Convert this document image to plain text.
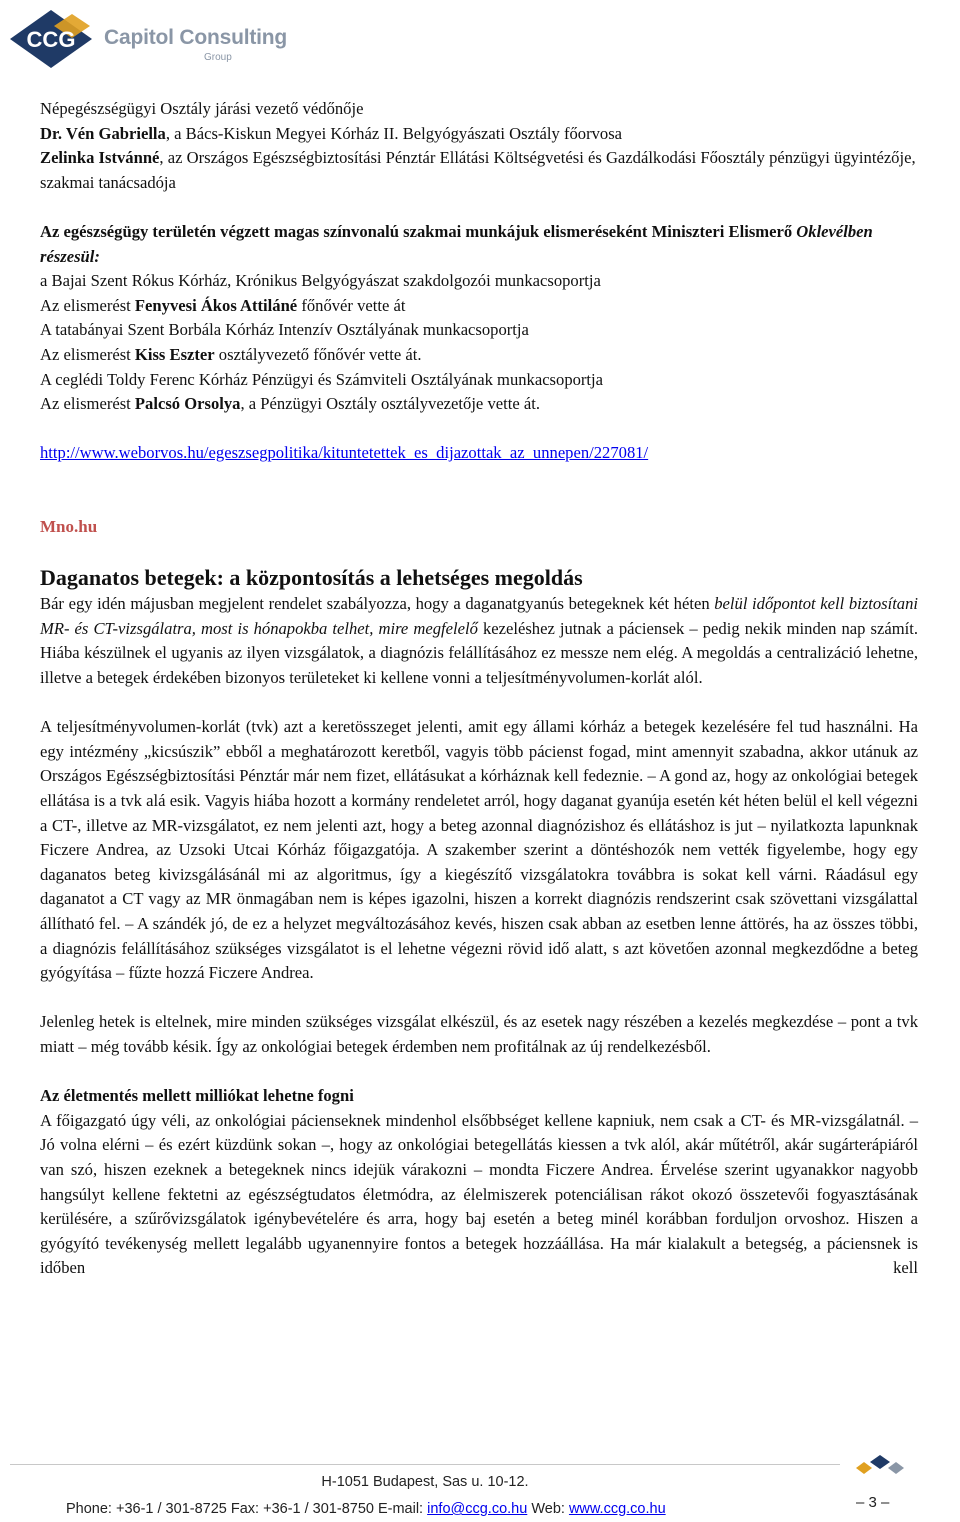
CCG Capitol Consulting
Group

Népegészségügyi Osztály járási vezető védőnője

Dr. Vén Gabriella, a Bács-Kiskun Megyei Kórház II. Belgyógyászati Osztály főorvosa

Zelinka Istvánné, az Országos Egészségbiztosítási Pénztár Ellátási Költségvetési és Gazdálkodási Főosztály pénzügyi ügyintézője, szakmai tanácsadója

Az egészségügy területén végzett magas színvonalú szakmai munkájuk elismeréseként Miniszteri Elismerő Oklevélben részesül:

a Bajai Szent Rókus Kórház, Krónikus Belgyógyászat szakdolgozói munkacsoportja

Az elismerést Fenyvesi Ákos Attiláné főnővér vette át

A tatabányai Szent Borbála Kórház Intenzív Osztályának munkacsoportja

Az elismerést Kiss Eszter osztályvezető főnővér vette át.

A ceglédi Toldy Ferenc Kórház Pénzügyi és Számviteli Osztályának munkacsoportja

Az elismerést Palcsó Orsolya, a Pénzügyi Osztály osztályvezetője vette át.

http://www.weborvos.hu/egeszsegpolitika/kituntetettek_es_dijazottak_az_unnepen/227081/

Mno.hu

Daganatos betegek: a központosítás a lehetséges megoldás

Bár egy idén májusban megjelent rendelet szabályozza, hogy a daganatgyanús betegeknek két héten belül időpontot kell biztosítani MR- és CT-vizsgálatra, most is hónapokba telhet, mire megfelelő kezeléshez jutnak a páciensek – pedig nekik minden nap számít. Hiába készülnek el ugyanis az ilyen vizsgálatok, a diagnózis felállításához ez messze nem elég. A megoldás a centralizáció lehetne, illetve a betegek érdekében bizonyos területeket ki kellene vonni a teljesítményvolumen-korlát alól.

A teljesítményvolumen-korlát (tvk) azt a keretösszeget jelenti, amit egy állami kórház a betegek kezelésére fel tud használni. Ha egy intézmény „kicsúszik” ebből a meghatározott keretből, vagyis több pácienst fogad, mint amennyit szabadna, akkor utánuk az Országos Egészségbiztosítási Pénztár már nem fizet, ellátásukat a kórháznak kell fedeznie. – A gond az, hogy az onkológiai betegek ellátása is a tvk alá esik. Vagyis hiába hozott a kormány rendeletet arról, hogy daganat gyanúja esetén két héten belül el kell végezni a CT-, illetve az MR-vizsgálatot, ez nem jelenti azt, hogy a beteg azonnal diagnózishoz és ellátáshoz is jut – nyilatkozta lapunknak Ficzere Andrea, az Uzsoki Utcai Kórház főigazgatója. A szakember szerint a döntéshozók nem vették figyelembe, hogy egy daganatos beteg kivizsgálásánál mi az algoritmus, így a kiegészítő vizsgálatokra továbbra is sokat kell várni. Ráadásul egy daganatot a CT vagy az MR önmagában nem is képes igazolni, hiszen a korrekt diagnózis rendszerint csak szövettani vizsgálattal állítható fel. – A szándék jó, de ez a helyzet megváltozásához kevés, hiszen csak abban az esetben lenne áttörés, ha az összes többi, a diagnózis felállításához szükséges vizsgálatot is el lehetne végezni rövid idő alatt, s azt követően azonnal megkezdődne a beteg gyógyítása – fűzte hozzá Ficzere Andrea.

Jelenleg hetek is eltelnek, mire minden szükséges vizsgálat elkészül, és az esetek nagy részében a kezelés megkezdése – pont a tvk miatt – még tovább késik. Így az onkológiai betegek érdemben nem profitálnak az új rendelkezésből.

Az életmentés mellett milliókat lehetne fogni

A főigazgató úgy véli, az onkológiai pácienseknek mindenhol elsőbbséget kellene kapniuk, nem csak a CT- és MR-vizsgálatnál. – Jó volna elérni – és ezért küzdünk sokan –, hogy az onkológiai betegellátás kiessen a tvk alól, akár műtétről, akár sugárterápiáról van szó, hiszen ezeknek a betegeknek nincs idejük várakozni – mondta Ficzere Andrea. Érvelése szerint ugyanakkor nagyobb hangsúlyt kellene fektetni az egészségtudatos életmódra, az élelmiszerek potenciálisan rákot okozó összetevői fogyasztásának kerülésére, a szűrővizsgálatok igénybevételére és arra, hogy baj esetén a beteg minél korábban forduljon orvoshoz. Hiszen a gyógyító tevékenység mellett legalább ugyanennyire fontos a betegek hozzáállása. Ha már kialakult a betegség, a páciensnek is időben kell

H-1051 Budapest, Sas u. 10-12.
Phone: +36-1 / 301-8725 Fax: +36-1 / 301-8750 E-mail: info@ccg.co.hu Web: www.ccg.co.hu	– 3 –
